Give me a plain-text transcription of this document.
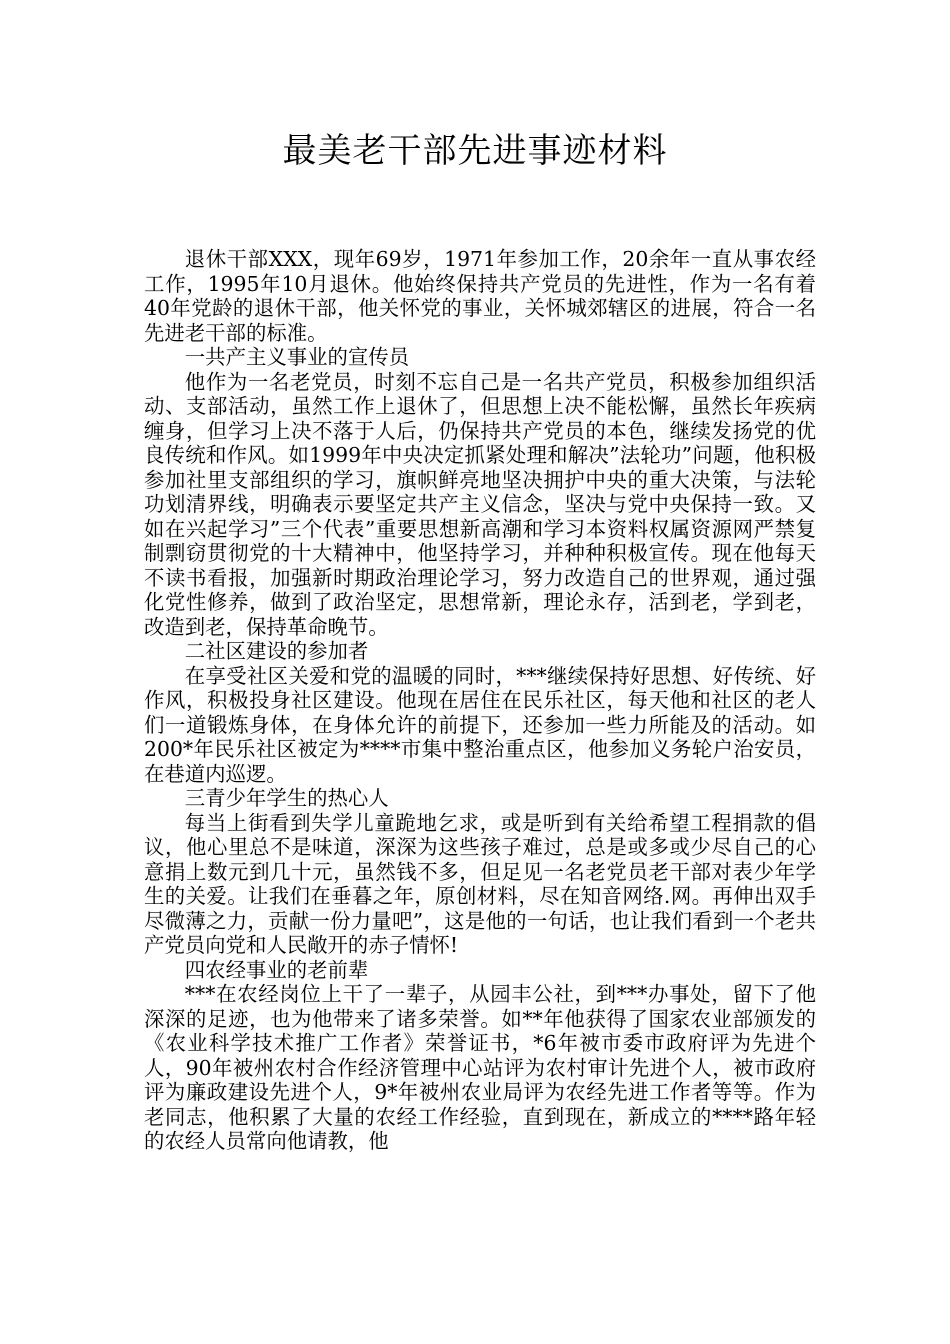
最美老干部先进事迹材料

退休干部XXX，现年69岁，1971年参加工作，20余年一直从事农经工作，1995年10月退休。他始终保持共产党员的先进性，作为一名有着40年党龄的退休干部，他关怀党的事业，关怀城郊辖区的进展，符合一名先进老干部的标准。

一共产主义事业的宣传员

他作为一名老党员，时刻不忘自己是一名共产党员，积极参加组织活动、支部活动，虽然工作上退休了，但思想上决不能松懈，虽然长年疾病缠身，但学习上决不落于人后，仍保持共产党员的本色，继续发扬党的优良传统和作风。如1999年中央决定抓紧处理和解决”法轮功”问题，他积极参加社里支部组织的学习，旗帜鲜亮地坚决拥护中央的重大决策，与法轮功划清界线，明确表示要坚定共产主义信念，坚决与党中央保持一致。又如在兴起学习”三个代表”重要思想新高潮和学习本资料权属资源网严禁复制剽窃贯彻党的十大精神中，他坚持学习，并种种积极宣传。现在他每天不读书看报，加强新时期政治理论学习，努力改造自己的世界观，通过强化党性修养，做到了政治坚定，思想常新，理论永存，活到老，学到老，改造到老，保持革命晚节。

二社区建设的参加者

在享受社区关爱和党的温暖的同时，***继续保持好思想、好传统、好作风，积极投身社区建设。他现在居住在民乐社区，每天他和社区的老人们一道锻炼身体，在身体允许的前提下，还参加一些力所能及的活动。如200*年民乐社区被定为****市集中整治重点区，他参加义务轮户治安员，在巷道内巡逻。

三青少年学生的热心人

每当上街看到失学儿童跪地乞求，或是听到有关给希望工程捐款的倡议，他心里总不是味道，深深为这些孩子难过，总是或多或少尽自己的心意捐上数元到几十元，虽然钱不多，但足见一名老党员老干部对表少年学生的关爱。让我们在垂暮之年，原创材料，尽在知音网络.网。再伸出双手尽微薄之力，贡献一份力量吧”，这是他的一句话，也让我们看到一个老共产党员向党和人民敞开的赤子情怀!

四农经事业的老前辈

***在农经岗位上干了一辈子，从园丰公社，到***办事处，留下了他深深的足迹，也为他带来了诸多荣誉。如**年他获得了国家农业部颁发的《农业科学技术推广工作者》荣誉证书，*6年被市委市政府评为先进个人，90年被州农村合作经济管理中心站评为农村审计先进个人，被市政府评为廉政建设先进个人，9*年被州农业局评为农经先进工作者等等。作为老同志，他积累了大量的农经工作经验，直到现在，新成立的****路年轻的农经人员常向他请教，他
